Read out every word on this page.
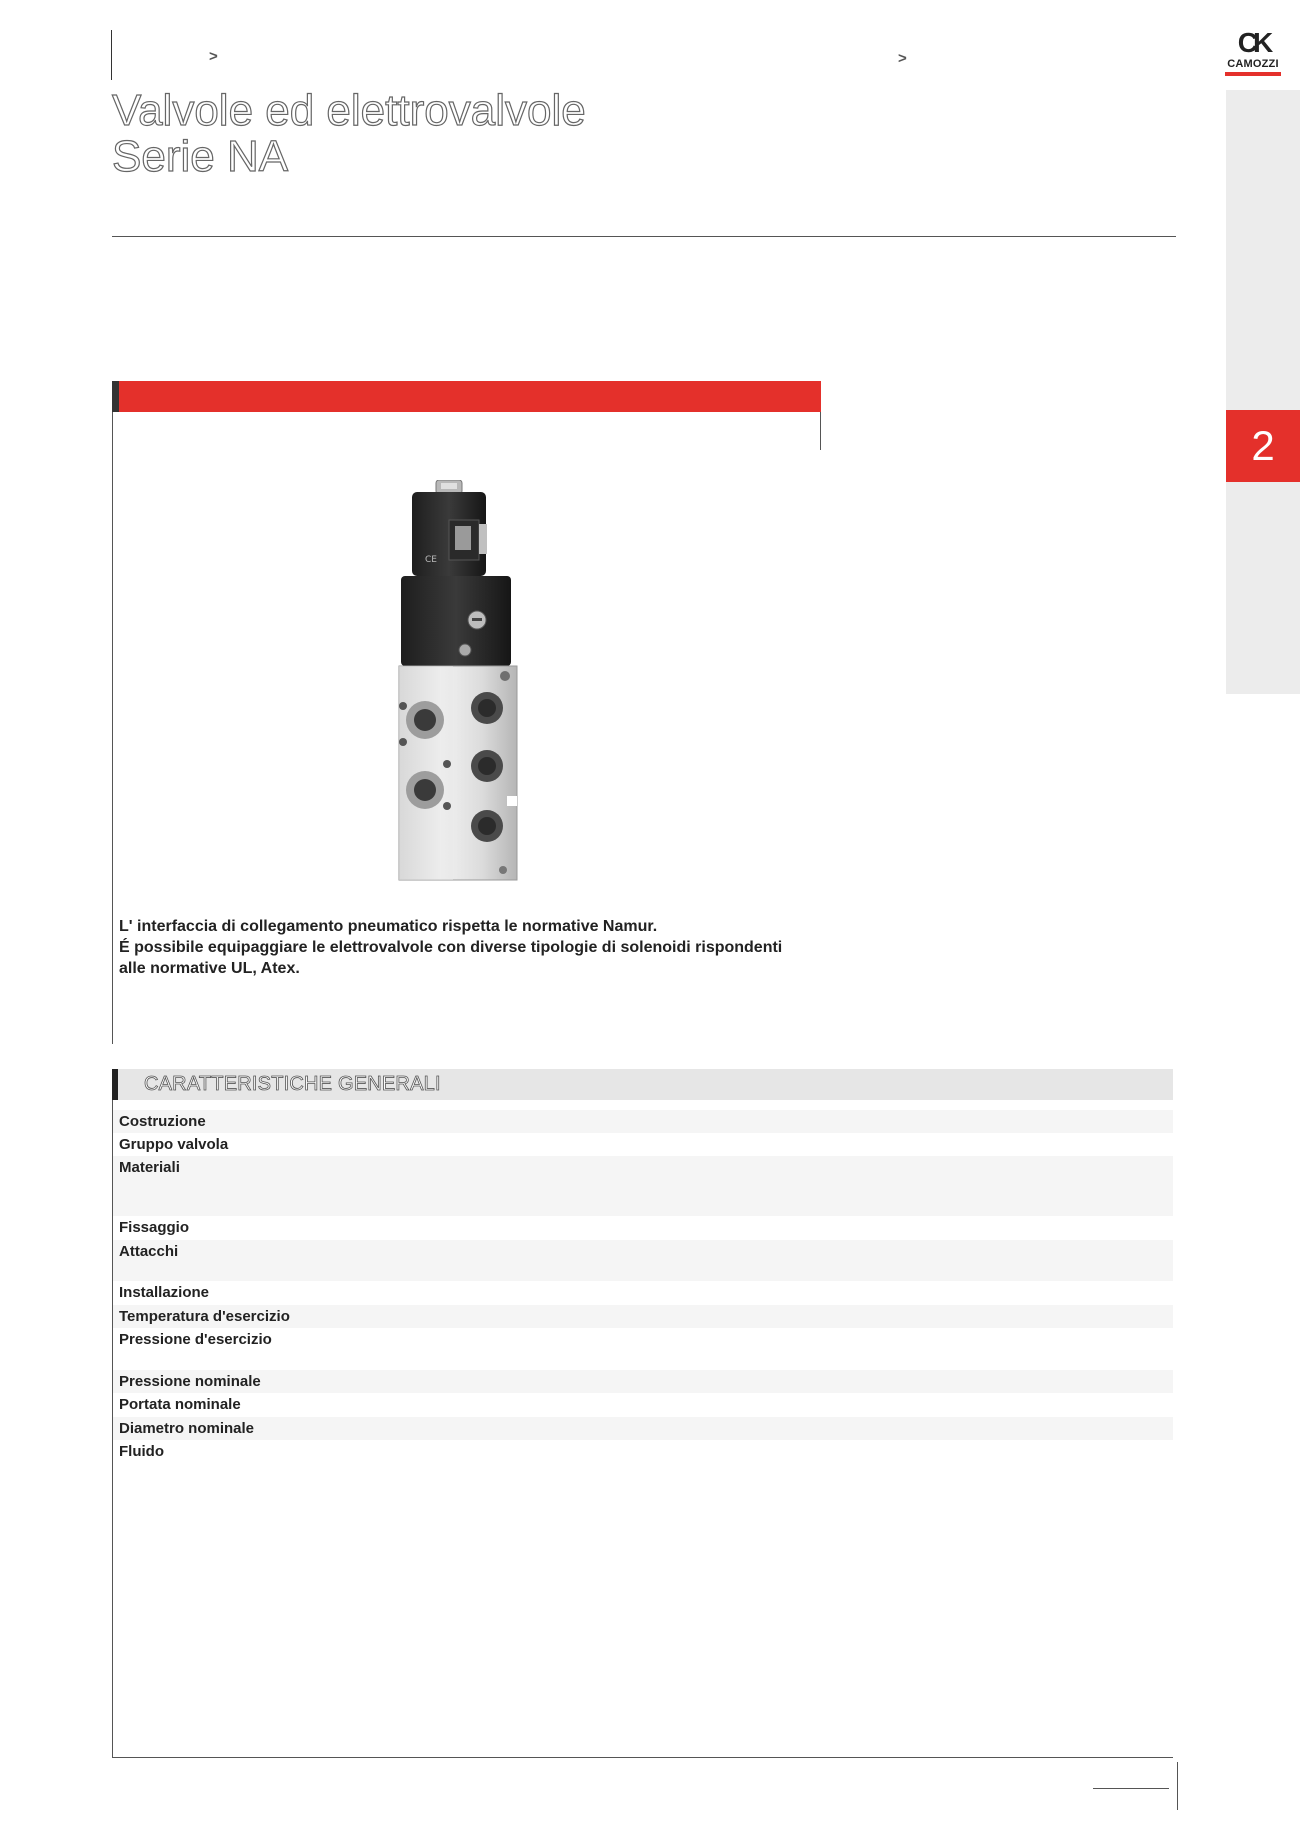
>	>
Valvole ed elettrovalvole
Serie NA
CK
CAMOZZI
2
CE

L' interfaccia di collegamento pneumatico rispetta le normative Namur.

É possibile equipaggiare le elettrovalvole con diverse tipologie di solenoidi rispondenti

alle normative UL, Atex.

CARATTERISTICHE GENERALI
Costruzione
Gruppo valvola
Materiali
Fissaggio
Attacchi
Installazione
Temperatura d'esercizio
Pressione d'esercizio
Pressione nominale
Portata nominale
Diametro nominale
Fluido
